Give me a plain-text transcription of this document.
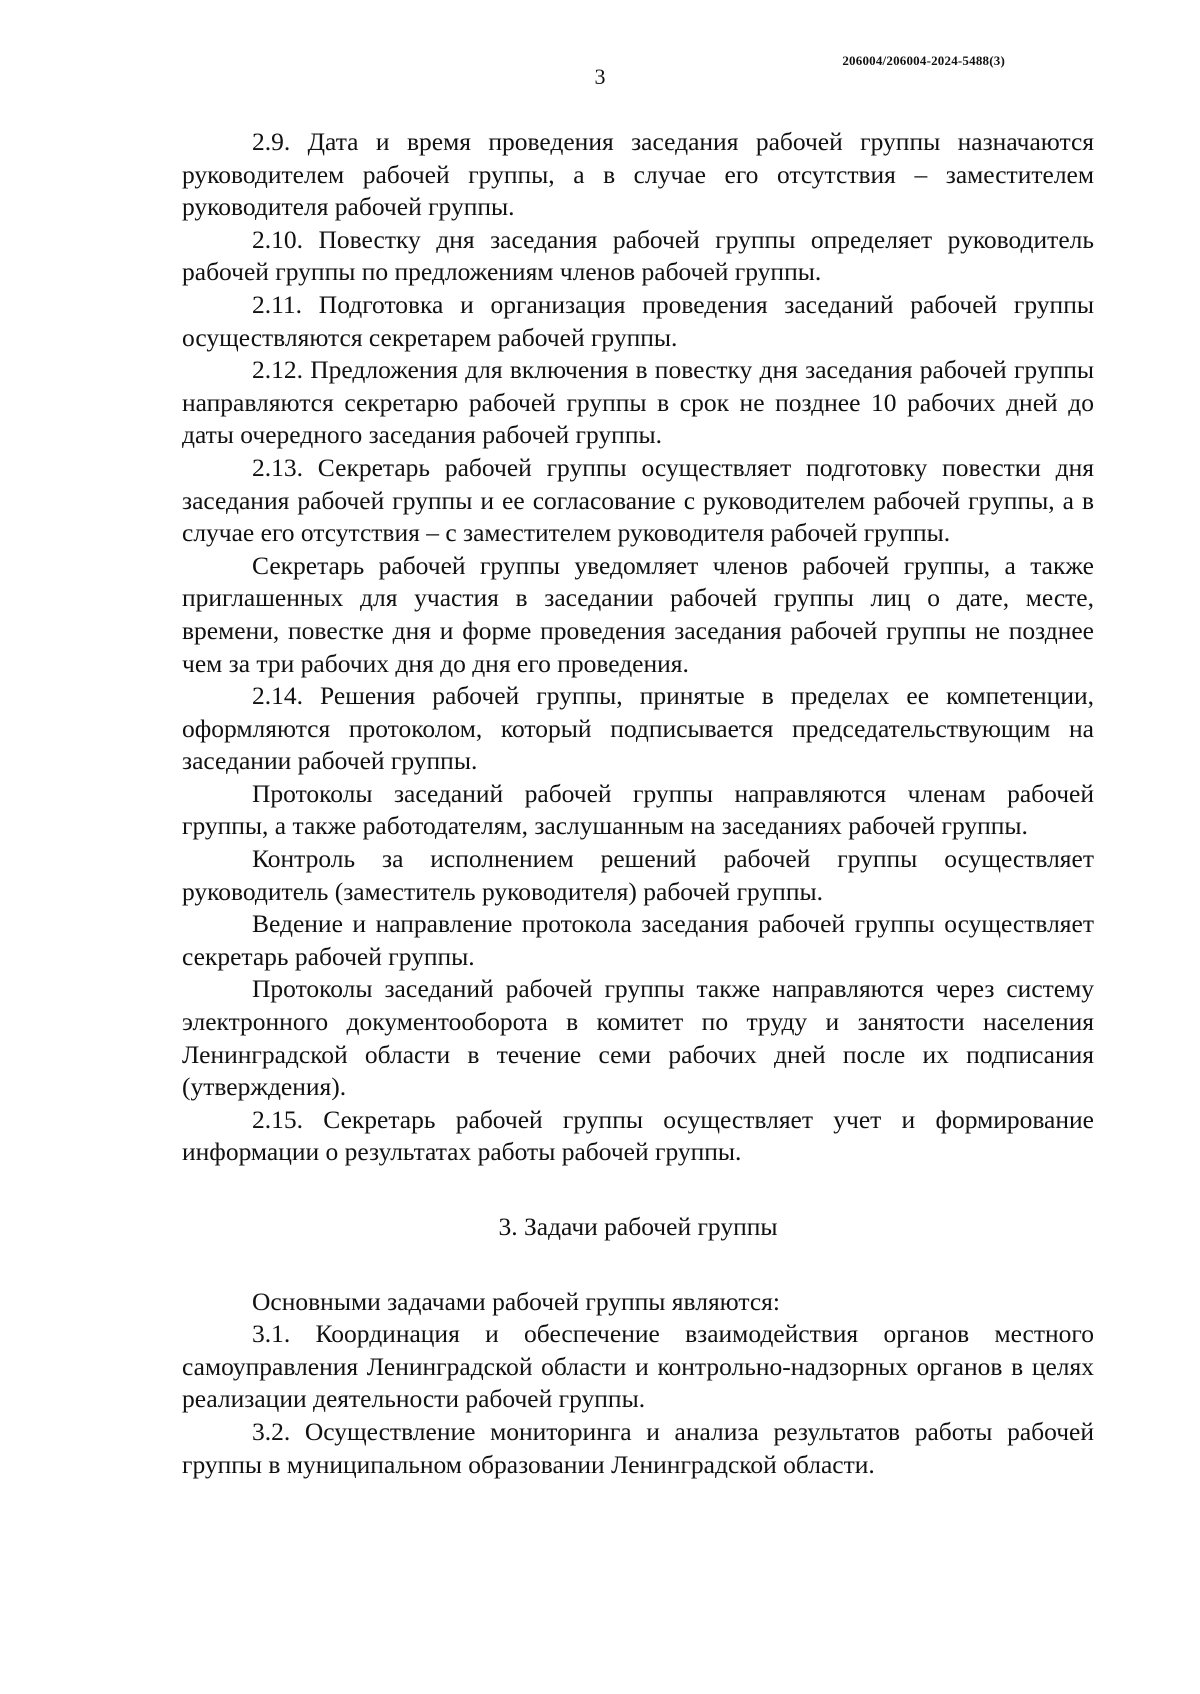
206004/206004-2024-5488(3)
3

2.9. Дата и время проведения заседания рабочей группы назначаются руководителем рабочей группы, а в случае его отсутствия – заместителем руководителя рабочей группы.

2.10. Повестку дня заседания рабочей группы определяет руководитель рабочей группы по предложениям членов рабочей группы.

2.11. Подготовка и организация проведения заседаний рабочей группы осуществляются секретарем рабочей группы.

2.12. Предложения для включения в повестку дня заседания рабочей группы направляются секретарю рабочей группы в срок не позднее 10 рабочих дней до даты очередного заседания рабочей группы.

2.13. Секретарь рабочей группы осуществляет подготовку повестки дня заседания рабочей группы и ее согласование с руководителем рабочей группы, а в случае его отсутствия – с заместителем руководителя рабочей группы.

Секретарь рабочей группы уведомляет членов рабочей группы, а также приглашенных для участия в заседании рабочей группы лиц о дате, месте, времени, повестке дня и форме проведения заседания рабочей группы не позднее чем за три рабочих дня до дня его проведения.

2.14. Решения рабочей группы, принятые в пределах ее компетенции, оформляются протоколом, который подписывается председательствующим на заседании рабочей группы.

Протоколы заседаний рабочей группы направляются членам рабочей группы, а также работодателям, заслушанным на заседаниях рабочей группы.

Контроль за исполнением решений рабочей группы осуществляет руководитель (заместитель руководителя) рабочей группы.

Ведение и направление протокола заседания рабочей группы осуществляет секретарь рабочей группы.

Протоколы заседаний рабочей группы также направляются через систему электронного документооборота в комитет по труду и занятости населения Ленинградской области в течение семи рабочих дней после их подписания (утверждения).

2.15. Секретарь рабочей группы осуществляет учет и формирование информации о результатах работы рабочей группы.

3. Задачи рабочей группы

Основными задачами рабочей группы являются:

3.1. Координация и обеспечение взаимодействия органов местного самоуправления Ленинградской области и контрольно-надзорных органов в целях реализации деятельности рабочей группы.

3.2. Осуществление мониторинга и анализа результатов работы рабочей группы в муниципальном образовании Ленинградской области.
